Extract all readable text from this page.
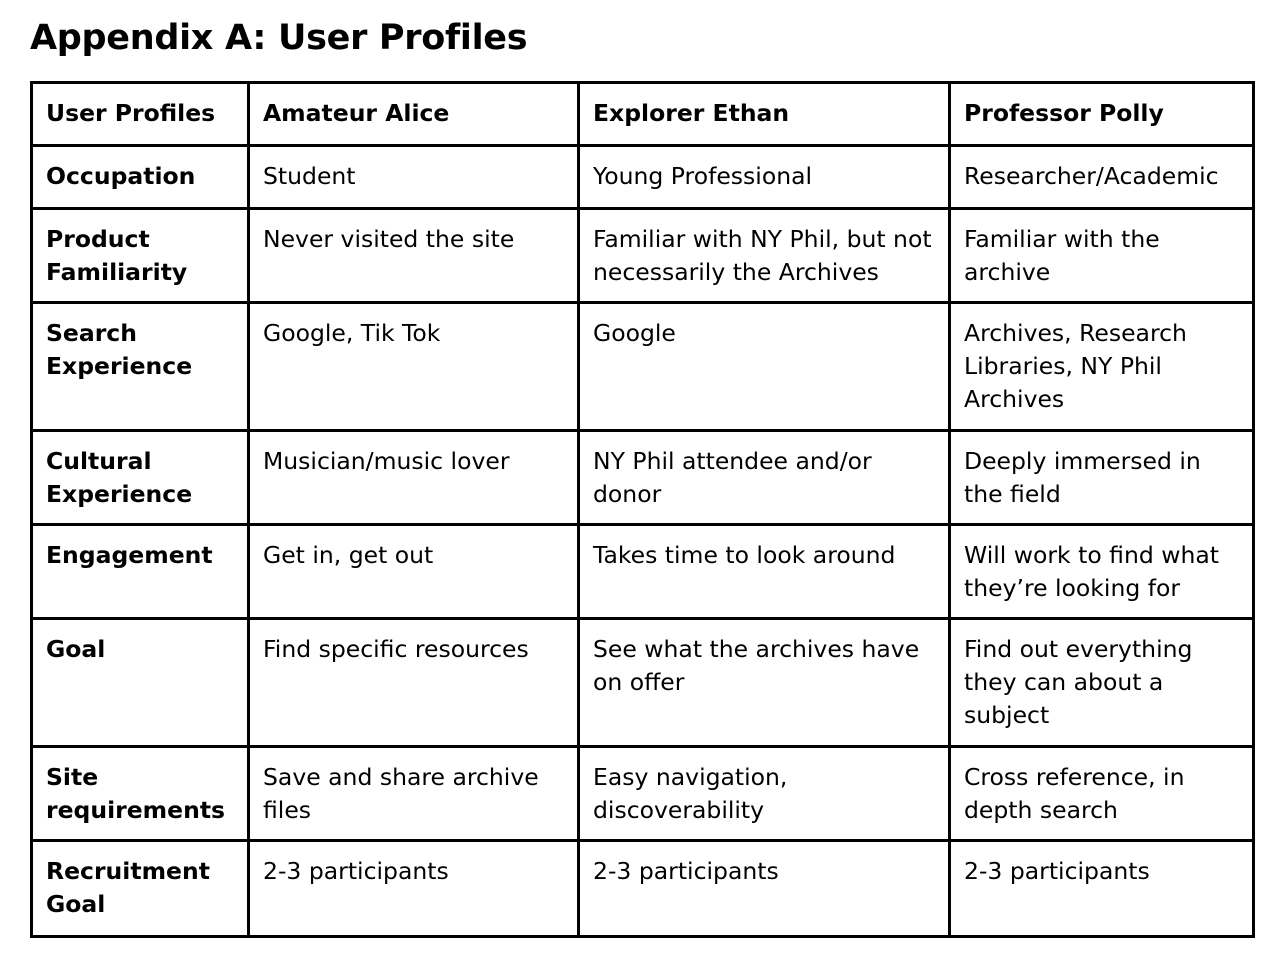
Appendix A: User Profiles
User Profiles	Amateur Alice	Explorer Ethan	Professor Polly
Occupation	Student	Young Professional	Researcher/Academic
Product Familiarity	Never visited the site	Familiar with NY Phil, but not necessarily the Archives	Familiar with the archive
Search Experience	Google, Tik Tok	Google	Archives, Research Libraries, NY Phil Archives
Cultural Experience	Musician/music lover	NY Phil attendee and/or donor	Deeply immersed in the field
Engagement	Get in, get out	Takes time to look around	Will work to find what they’re looking for
Goal	Find specific resources	See what the archives have on offer	Find out everything they can about a subject
Site requirements	Save and share archive files	Easy navigation, discoverability	Cross reference, in depth search
Recruitment Goal	2-3 participants	2-3 participants	2-3 participants
